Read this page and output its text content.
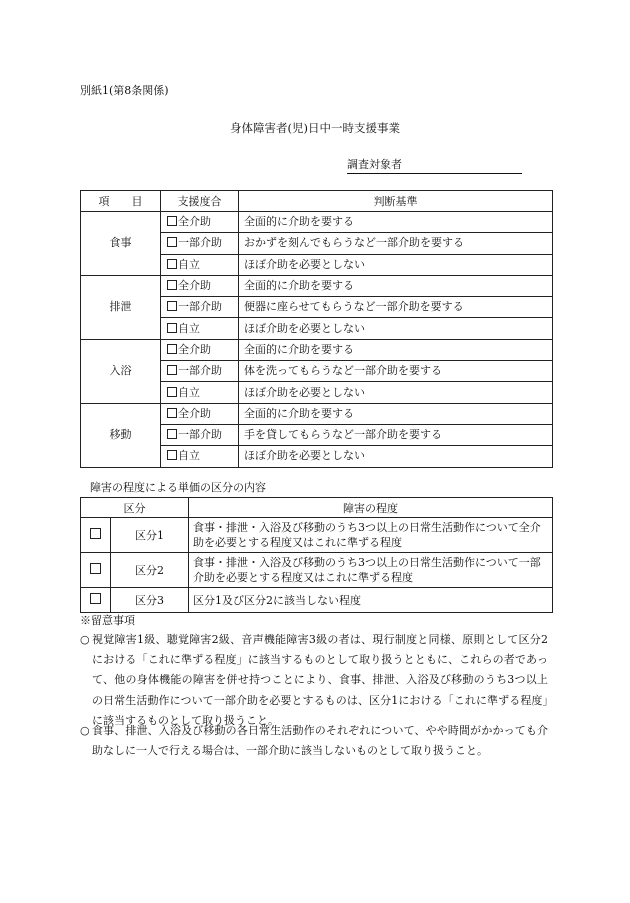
別紙1(第8条関係)
身体障害者(児)日中一時支援事業
調査対象者
項　　目	支援度合	判断基準
食事	全介助	全面的に介助を要する
	一部介助	おかずを刻んでもらうなど一部介助を要する
	自立	ほぼ介助を必要としない
排泄	全介助	全面的に介助を要する
	一部介助	便器に座らせてもらうなど一部介助を要する
	自立	ほぼ介助を必要としない
入浴	全介助	全面的に介助を要する
	一部介助	体を洗ってもらうなど一部介助を要する
	自立	ほぼ介助を必要としない
移動	全介助	全面的に介助を要する
	一部介助	手を貸してもらうなど一部介助を要する
	自立	ほぼ介助を必要としない
障害の程度による単価の区分の内容
区分		障害の程度
	区分1	食事・排泄・入浴及び移動のうち3つ以上の日常生活動作について全介助を必要とする程度又はこれに準ずる程度
	区分2	食事・排泄・入浴及び移動のうち3つ以上の日常生活動作について一部介助を必要とする程度又はこれに準ずる程度
	区分3	区分1及び区分2に該当しない程度
※留意事項
○ 視覚障害1級、聴覚障害2級、音声機能障害3級の者は、現行制度と同様、原則として区分2における「これに準ずる程度」に該当するものとして取り扱うとともに、これらの者であって、他の身体機能の障害を併せ持つことにより、食事、排泄、入浴及び移動のうち3つ以上の日常生活動作について一部介助を必要とするものは、区分1における「これに準ずる程度」に該当するものとして取り扱うこと。
○ 食事、排泄、入浴及び移動の各日常生活動作のそれぞれについて、やや時間がかかっても介助なしに一人で行える場合は、一部介助に該当しないものとして取り扱うこと。
